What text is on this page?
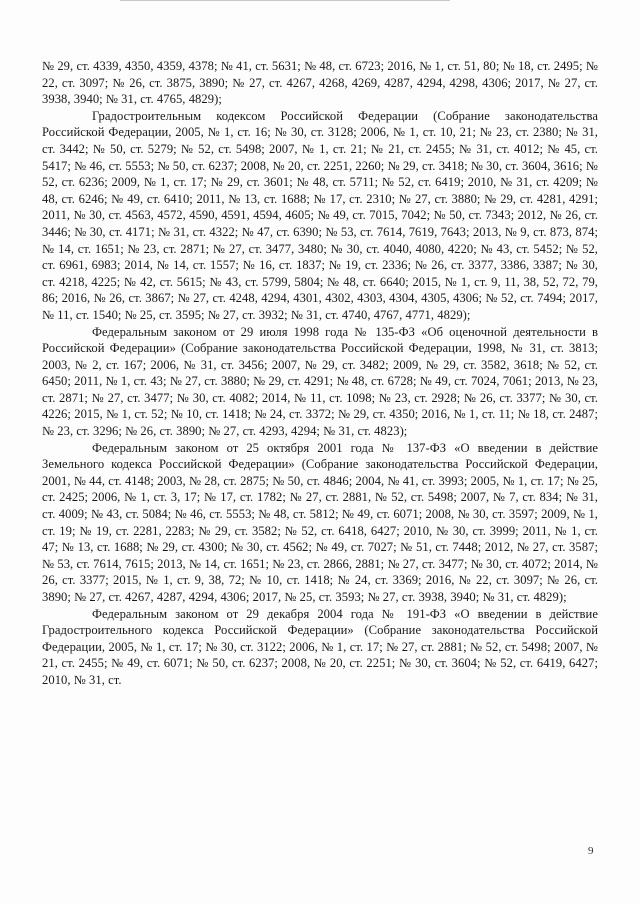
№ 29, ст. 4339, 4350, 4359, 4378; № 41, ст. 5631; № 48, ст. 6723; 2016, № 1, ст. 51, 80; № 18, ст. 2495; № 22, ст. 3097; № 26, ст. 3875, 3890; № 27, ст. 4267, 4268, 4269, 4287, 4294, 4298, 4306; 2017, № 27, ст. 3938, 3940; № 31, ст. 4765, 4829);

Градостроительным кодексом Российской Федерации (Собрание законодательства Российской Федерации, 2005, № 1, ст. 16; № 30, ст. 3128; 2006, № 1, ст. 10, 21; № 23, ст. 2380; № 31, ст. 3442; № 50, ст. 5279; № 52, ст. 5498; 2007, № 1, ст. 21; № 21, ст. 2455; № 31, ст. 4012; № 45, ст. 5417; № 46, ст. 5553; № 50, ст. 6237; 2008, № 20, ст. 2251, 2260; № 29, ст. 3418; № 30, ст. 3604, 3616; № 52, ст. 6236; 2009, № 1, ст. 17; № 29, ст. 3601; № 48, ст. 5711; № 52, ст. 6419; 2010, № 31, ст. 4209; № 48, ст. 6246; № 49, ст. 6410; 2011, № 13, ст. 1688; № 17, ст. 2310; № 27, ст. 3880; № 29, ст. 4281, 4291; 2011, № 30, ст. 4563, 4572, 4590, 4591, 4594, 4605; № 49, ст. 7015, 7042; № 50, ст. 7343; 2012, № 26, ст. 3446; № 30, ст. 4171; № 31, ст. 4322; № 47, ст. 6390; № 53, ст. 7614, 7619, 7643; 2013, № 9, ст. 873, 874; № 14, ст. 1651; № 23, ст. 2871; № 27, ст. 3477, 3480; № 30, ст. 4040, 4080, 4220; № 43, ст. 5452; № 52, ст. 6961, 6983; 2014, № 14, ст. 1557; № 16, ст. 1837; № 19, ст. 2336; № 26, ст. 3377, 3386, 3387; № 30, ст. 4218, 4225; № 42, ст. 5615; № 43, ст. 5799, 5804; № 48, ст. 6640; 2015, № 1, ст. 9, 11, 38, 52, 72, 79, 86; 2016, № 26, ст. 3867; № 27, ст. 4248, 4294, 4301, 4302, 4303, 4304, 4305, 4306; № 52, ст. 7494; 2017, № 11, ст. 1540; № 25, ст. 3595; № 27, ст. 3932; № 31, ст. 4740, 4767, 4771, 4829);

Федеральным законом от 29 июля 1998 года № 135-ФЗ «Об оценочной деятельности в Российской Федерации» (Собрание законодательства Российской Федерации, 1998, № 31, ст. 3813; 2003, № 2, ст. 167; 2006, № 31, ст. 3456; 2007, № 29, ст. 3482; 2009, № 29, ст. 3582, 3618; № 52, ст. 6450; 2011, № 1, ст. 43; № 27, ст. 3880; № 29, ст. 4291; № 48, ст. 6728; № 49, ст. 7024, 7061; 2013, № 23, ст. 2871; № 27, ст. 3477; № 30, ст. 4082; 2014, № 11, ст. 1098; № 23, ст. 2928; № 26, ст. 3377; № 30, ст. 4226; 2015, № 1, ст. 52; № 10, ст. 1418; № 24, ст. 3372; № 29, ст. 4350; 2016, № 1, ст. 11; № 18, ст. 2487; № 23, ст. 3296; № 26, ст. 3890; № 27, ст. 4293, 4294; № 31, ст. 4823);

Федеральным законом от 25 октября 2001 года № 137-ФЗ «О введении в действие Земельного кодекса Российской Федерации» (Собрание законодательства Российской Федерации, 2001, № 44, ст. 4148; 2003, № 28, ст. 2875; № 50, ст. 4846; 2004, № 41, ст. 3993; 2005, № 1, ст. 17; № 25, ст. 2425; 2006, № 1, ст. 3, 17; № 17, ст. 1782; № 27, ст. 2881, № 52, ст. 5498; 2007, № 7, ст. 834; № 31, ст. 4009; № 43, ст. 5084; № 46, ст. 5553; № 48, ст. 5812; № 49, ст. 6071; 2008, № 30, ст. 3597; 2009, № 1, ст. 19; № 19, ст. 2281, 2283; № 29, ст. 3582; № 52, ст. 6418, 6427; 2010, № 30, ст. 3999; 2011, № 1, ст. 47; № 13, ст. 1688; № 29, ст. 4300; № 30, ст. 4562; № 49, ст. 7027; № 51, ст. 7448; 2012, № 27, ст. 3587; № 53, ст. 7614, 7615; 2013, № 14, ст. 1651; № 23, ст. 2866, 2881; № 27, ст. 3477; № 30, ст. 4072; 2014, № 26, ст. 3377; 2015, № 1, ст. 9, 38, 72; № 10, ст. 1418; № 24, ст. 3369; 2016, № 22, ст. 3097; № 26, ст. 3890; № 27, ст. 4267, 4287, 4294, 4306; 2017, № 25, ст. 3593; № 27, ст. 3938, 3940; № 31, ст. 4829);

Федеральным законом от 29 декабря 2004 года № 191-ФЗ «О введении в действие Градостроительного кодекса Российской Федерации» (Собрание законодательства Российской Федерации, 2005, № 1, ст. 17; № 30, ст. 3122; 2006, № 1, ст. 17; № 27, ст. 2881; № 52, ст. 5498; 2007, № 21, ст. 2455; № 49, ст. 6071; № 50, ст. 6237; 2008, № 20, ст. 2251; № 30, ст. 3604; № 52, ст. 6419, 6427; 2010, № 31, ст.

9
